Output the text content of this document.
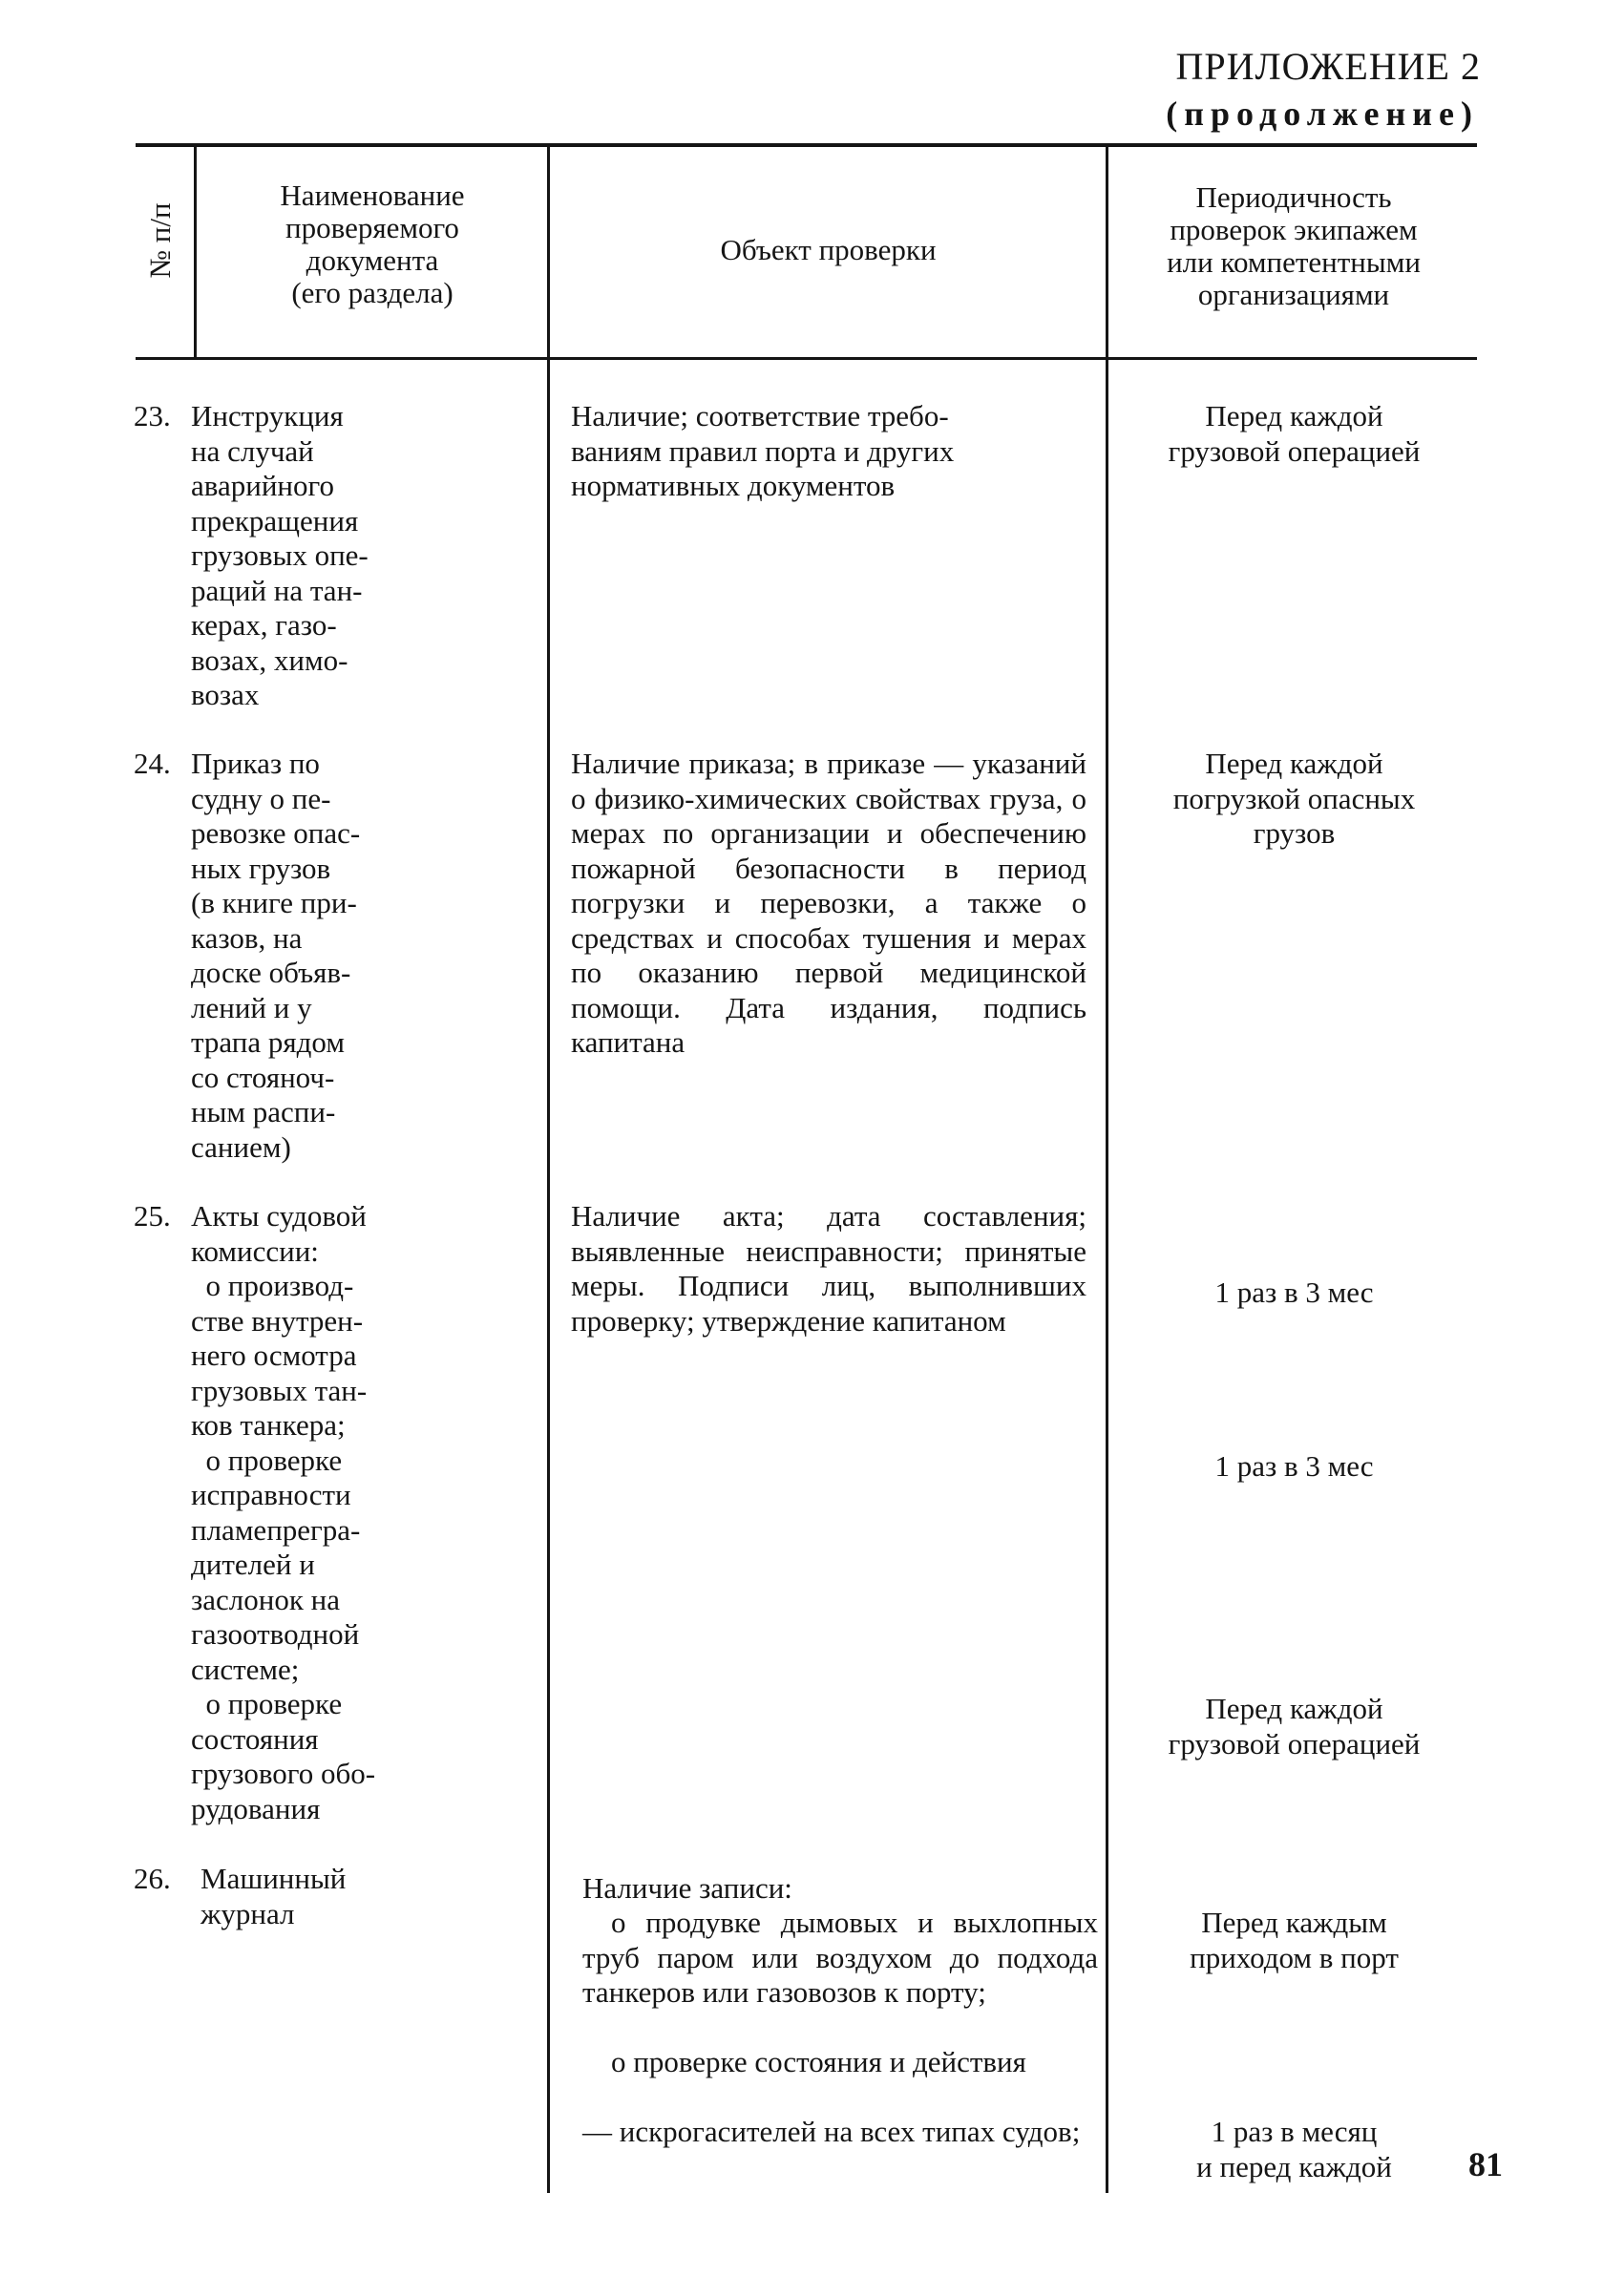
ПРИЛОЖЕНИЕ 2
(продолжение)
№ п/п
Наименование
проверяемого
документа
(его раздела)
Объект проверки
Периодичность
проверок экипажем
или компетентными
организациями
23. Инструкция
на случай
аварийного
прекращения
грузовых опе-
раций на тан-
керах, газо-
возах, химо-
возах
Наличие; соответствие требо-
ваниям правил порта и других
нормативных документов
Перед каждой
грузовой операцией
24. Приказ по
судну о пе-
ревозке опас-
ных грузов
(в книге при-
казов, на
доске объяв-
лений и у
трапа рядом
со стояноч-
ным распи-
санием)
Наличие приказа; в приказе — указаний о физико-химических свойствах груза, о мерах по организации и обеспечению пожарной безопасности в период погрузки и перевозки, а также о средствах и способах тушения и мерах по оказанию первой медицинской помощи. Дата издания, подпись капитана
Перед каждой
погрузкой опасных
грузов
25. Акты судовой
комиссии:
о производ-
стве внутрен-
него осмотра
грузовых тан-
ков танкера;
о проверке
исправности
пламепрегра-
дителей и
заслонок на
газоотводной
системе;
о проверке
состояния
грузового обо-
рудования
Наличие акта; дата составления; выявленные неисправности; принятые меры. Подписи лиц, выполнивших проверку; утверждение капитаном
1 раз в 3 мес
1 раз в 3 мес
Перед каждой
грузовой операцией
26. Машинный
журнал
Наличие записи:
о продувке дымовых и выхлопных труб паром или воздухом до подхода танкеров или газовозов к порту;
о проверке состояния и действия
— искрогасителей на всех типах судов;
Перед каждым
приходом в порт
1 раз в месяц
и перед каждой	81
